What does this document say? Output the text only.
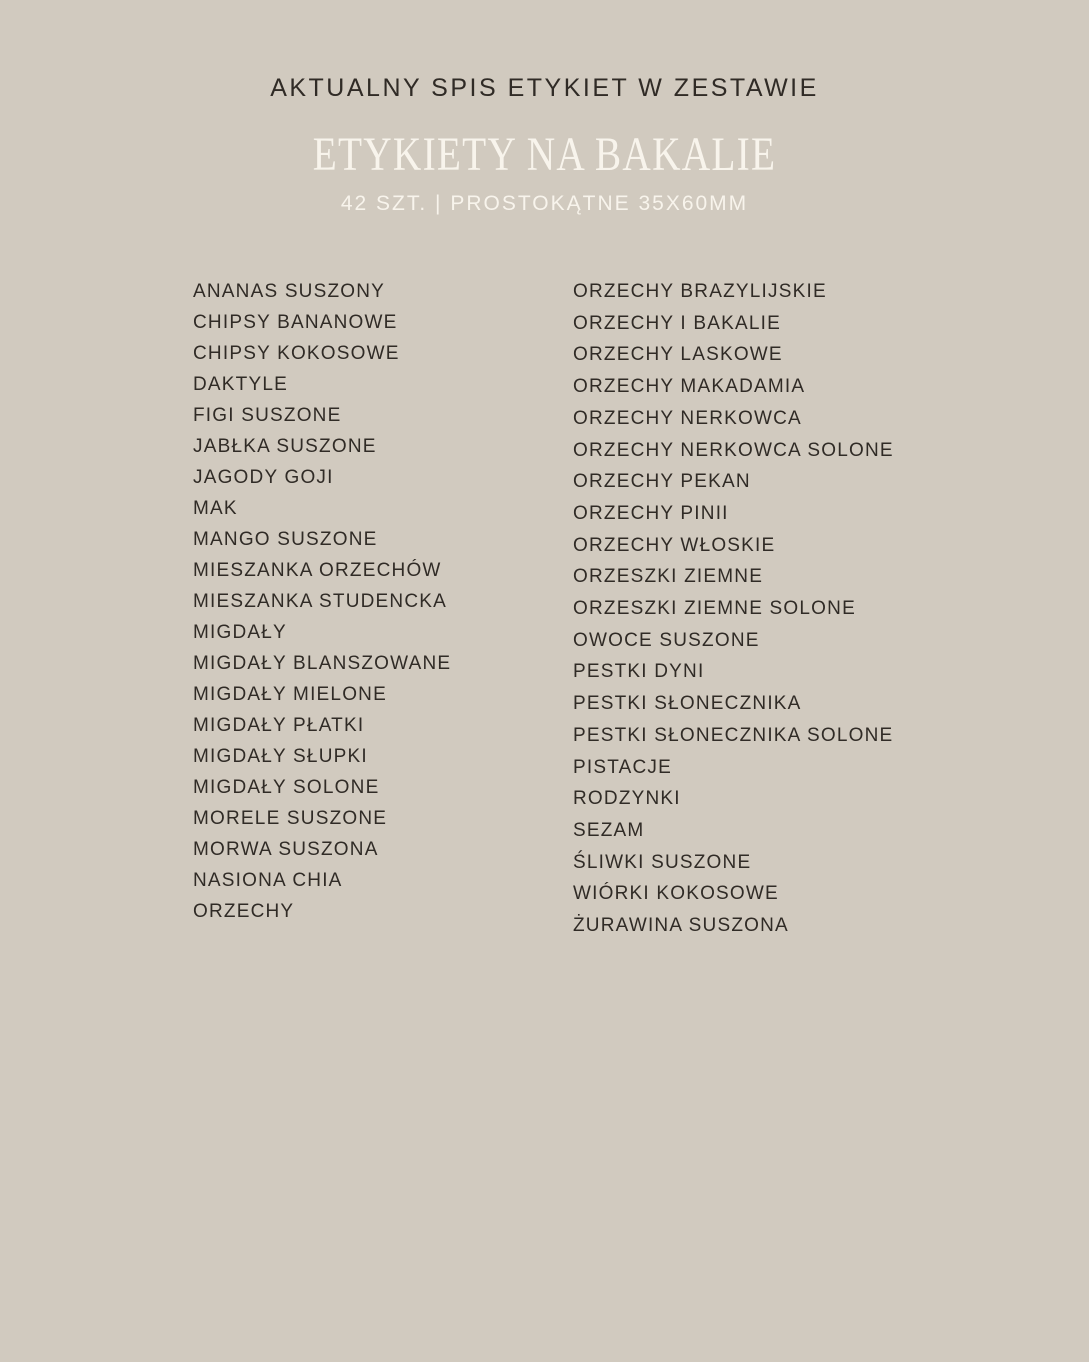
AKTUALNY SPIS ETYKIET W ZESTAWIE
ETYKIETY NA BAKALIE
42 SZT. | PROSTOKĄTNE 35X60MM
ANANAS SUSZONY
CHIPSY BANANOWE
CHIPSY KOKOSOWE
DAKTYLE
FIGI SUSZONE
JABŁKA SUSZONE
JAGODY GOJI
MAK
MANGO SUSZONE
MIESZANKA ORZECHÓW
MIESZANKA STUDENCKA
MIGDAŁY
MIGDAŁY BLANSZOWANE
MIGDAŁY MIELONE
MIGDAŁY PŁATKI
MIGDAŁY SŁUPKI
MIGDAŁY SOLONE
MORELE SUSZONE
MORWA SUSZONA
NASIONA CHIA
ORZECHY
ORZECHY BRAZYLIJSKIE
ORZECHY I BAKALIE
ORZECHY LASKOWE
ORZECHY MAKADAMIA
ORZECHY NERKOWCA
ORZECHY NERKOWCA SOLONE
ORZECHY PEKAN
ORZECHY PINII
ORZECHY WŁOSKIE
ORZESZKI ZIEMNE
ORZESZKI ZIEMNE SOLONE
OWOCE SUSZONE
PESTKI DYNI
PESTKI SŁONECZNIKA
PESTKI SŁONECZNIKA SOLONE
PISTACJE
RODZYNKI
SEZAM
ŚLIWKI SUSZONE
WIÓRKI KOKOSOWE
ŻURAWINA SUSZONA
